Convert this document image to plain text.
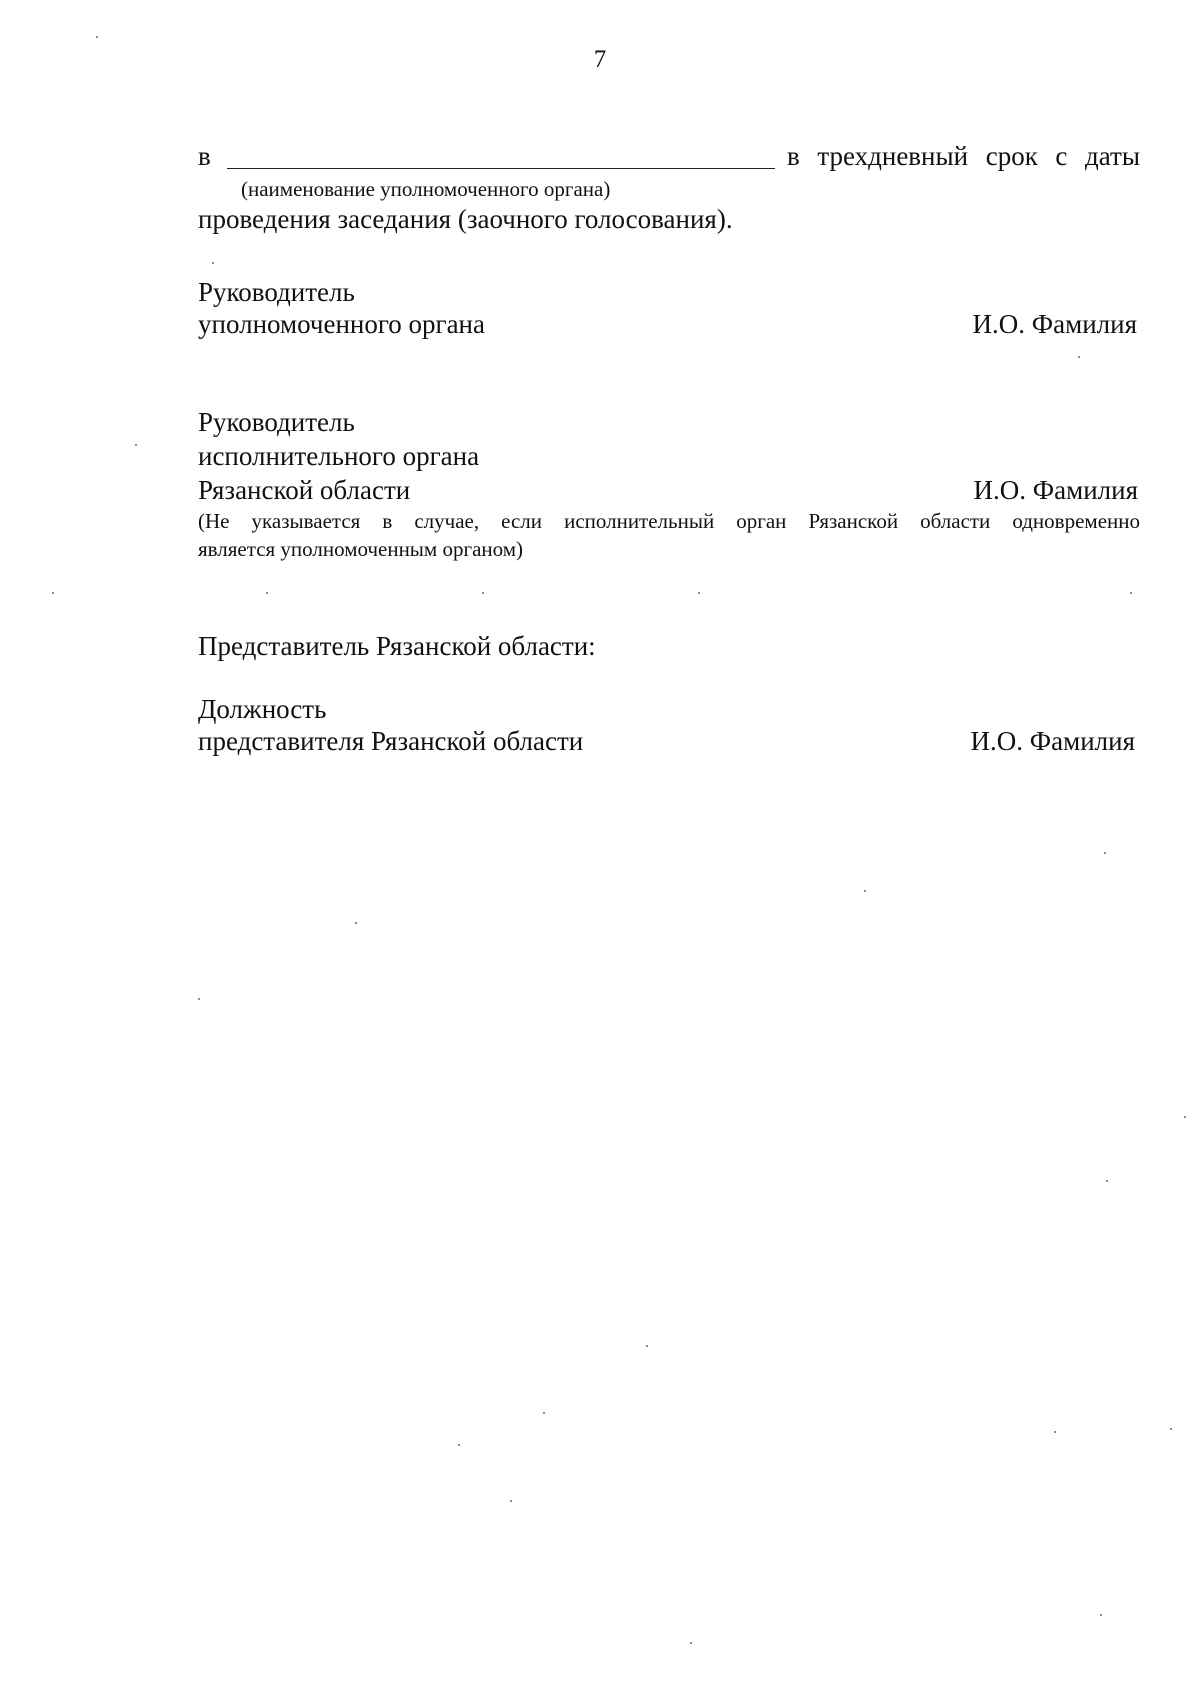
7
в	в трехдневный срок с даты
(наименование уполномоченного органа)
проведения заседания (заочного голосования).
Руководитель
уполномоченного органа	И.О. Фамилия
Руководитель
исполнительного органа
Рязанской области	И.О. Фамилия
(Не указывается в случае, если исполнительный орган Рязанской области одновременно
является уполномоченным органом)
Представитель Рязанской области:
Должность
представителя Рязанской области	И.О. Фамилия
